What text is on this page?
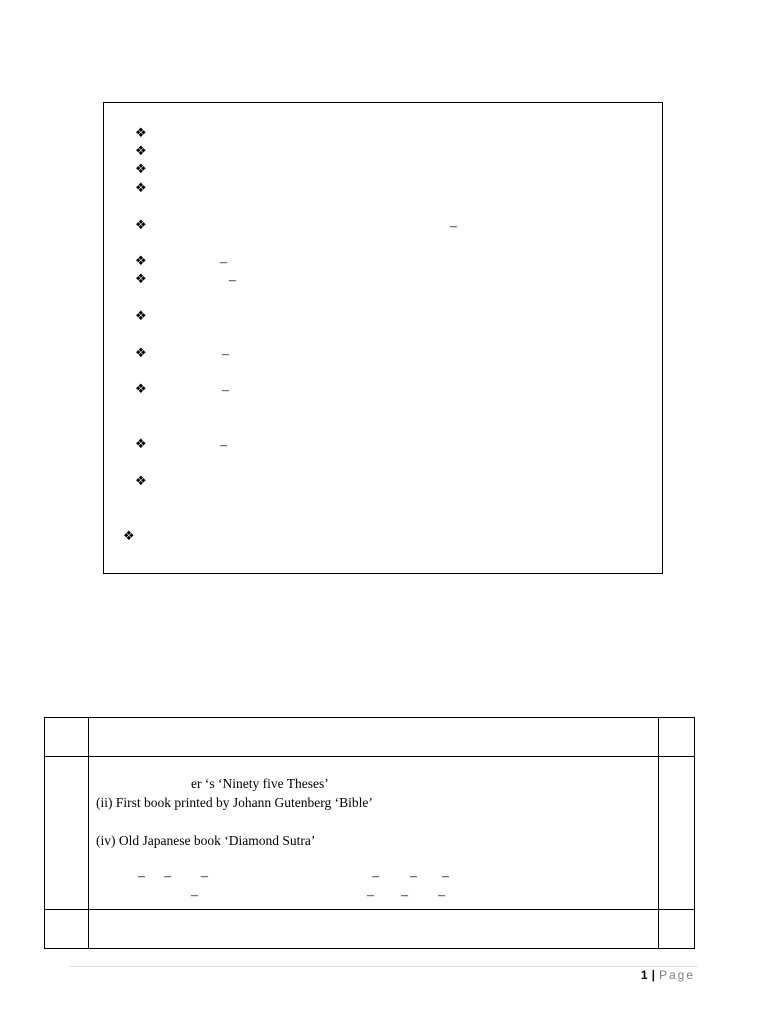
❖
❖
❖
❖
❖	–
❖	–
❖	–
❖
❖	–
❖	–
❖	–
❖
❖
er ‘s ‘Ninety five Theses’
(ii) First book printed by Johann Gutenberg ‘Bible’
(iv) Old Japanese book ‘Diamond Sutra’
– – –	– – –
–	– – –
1 | Page
